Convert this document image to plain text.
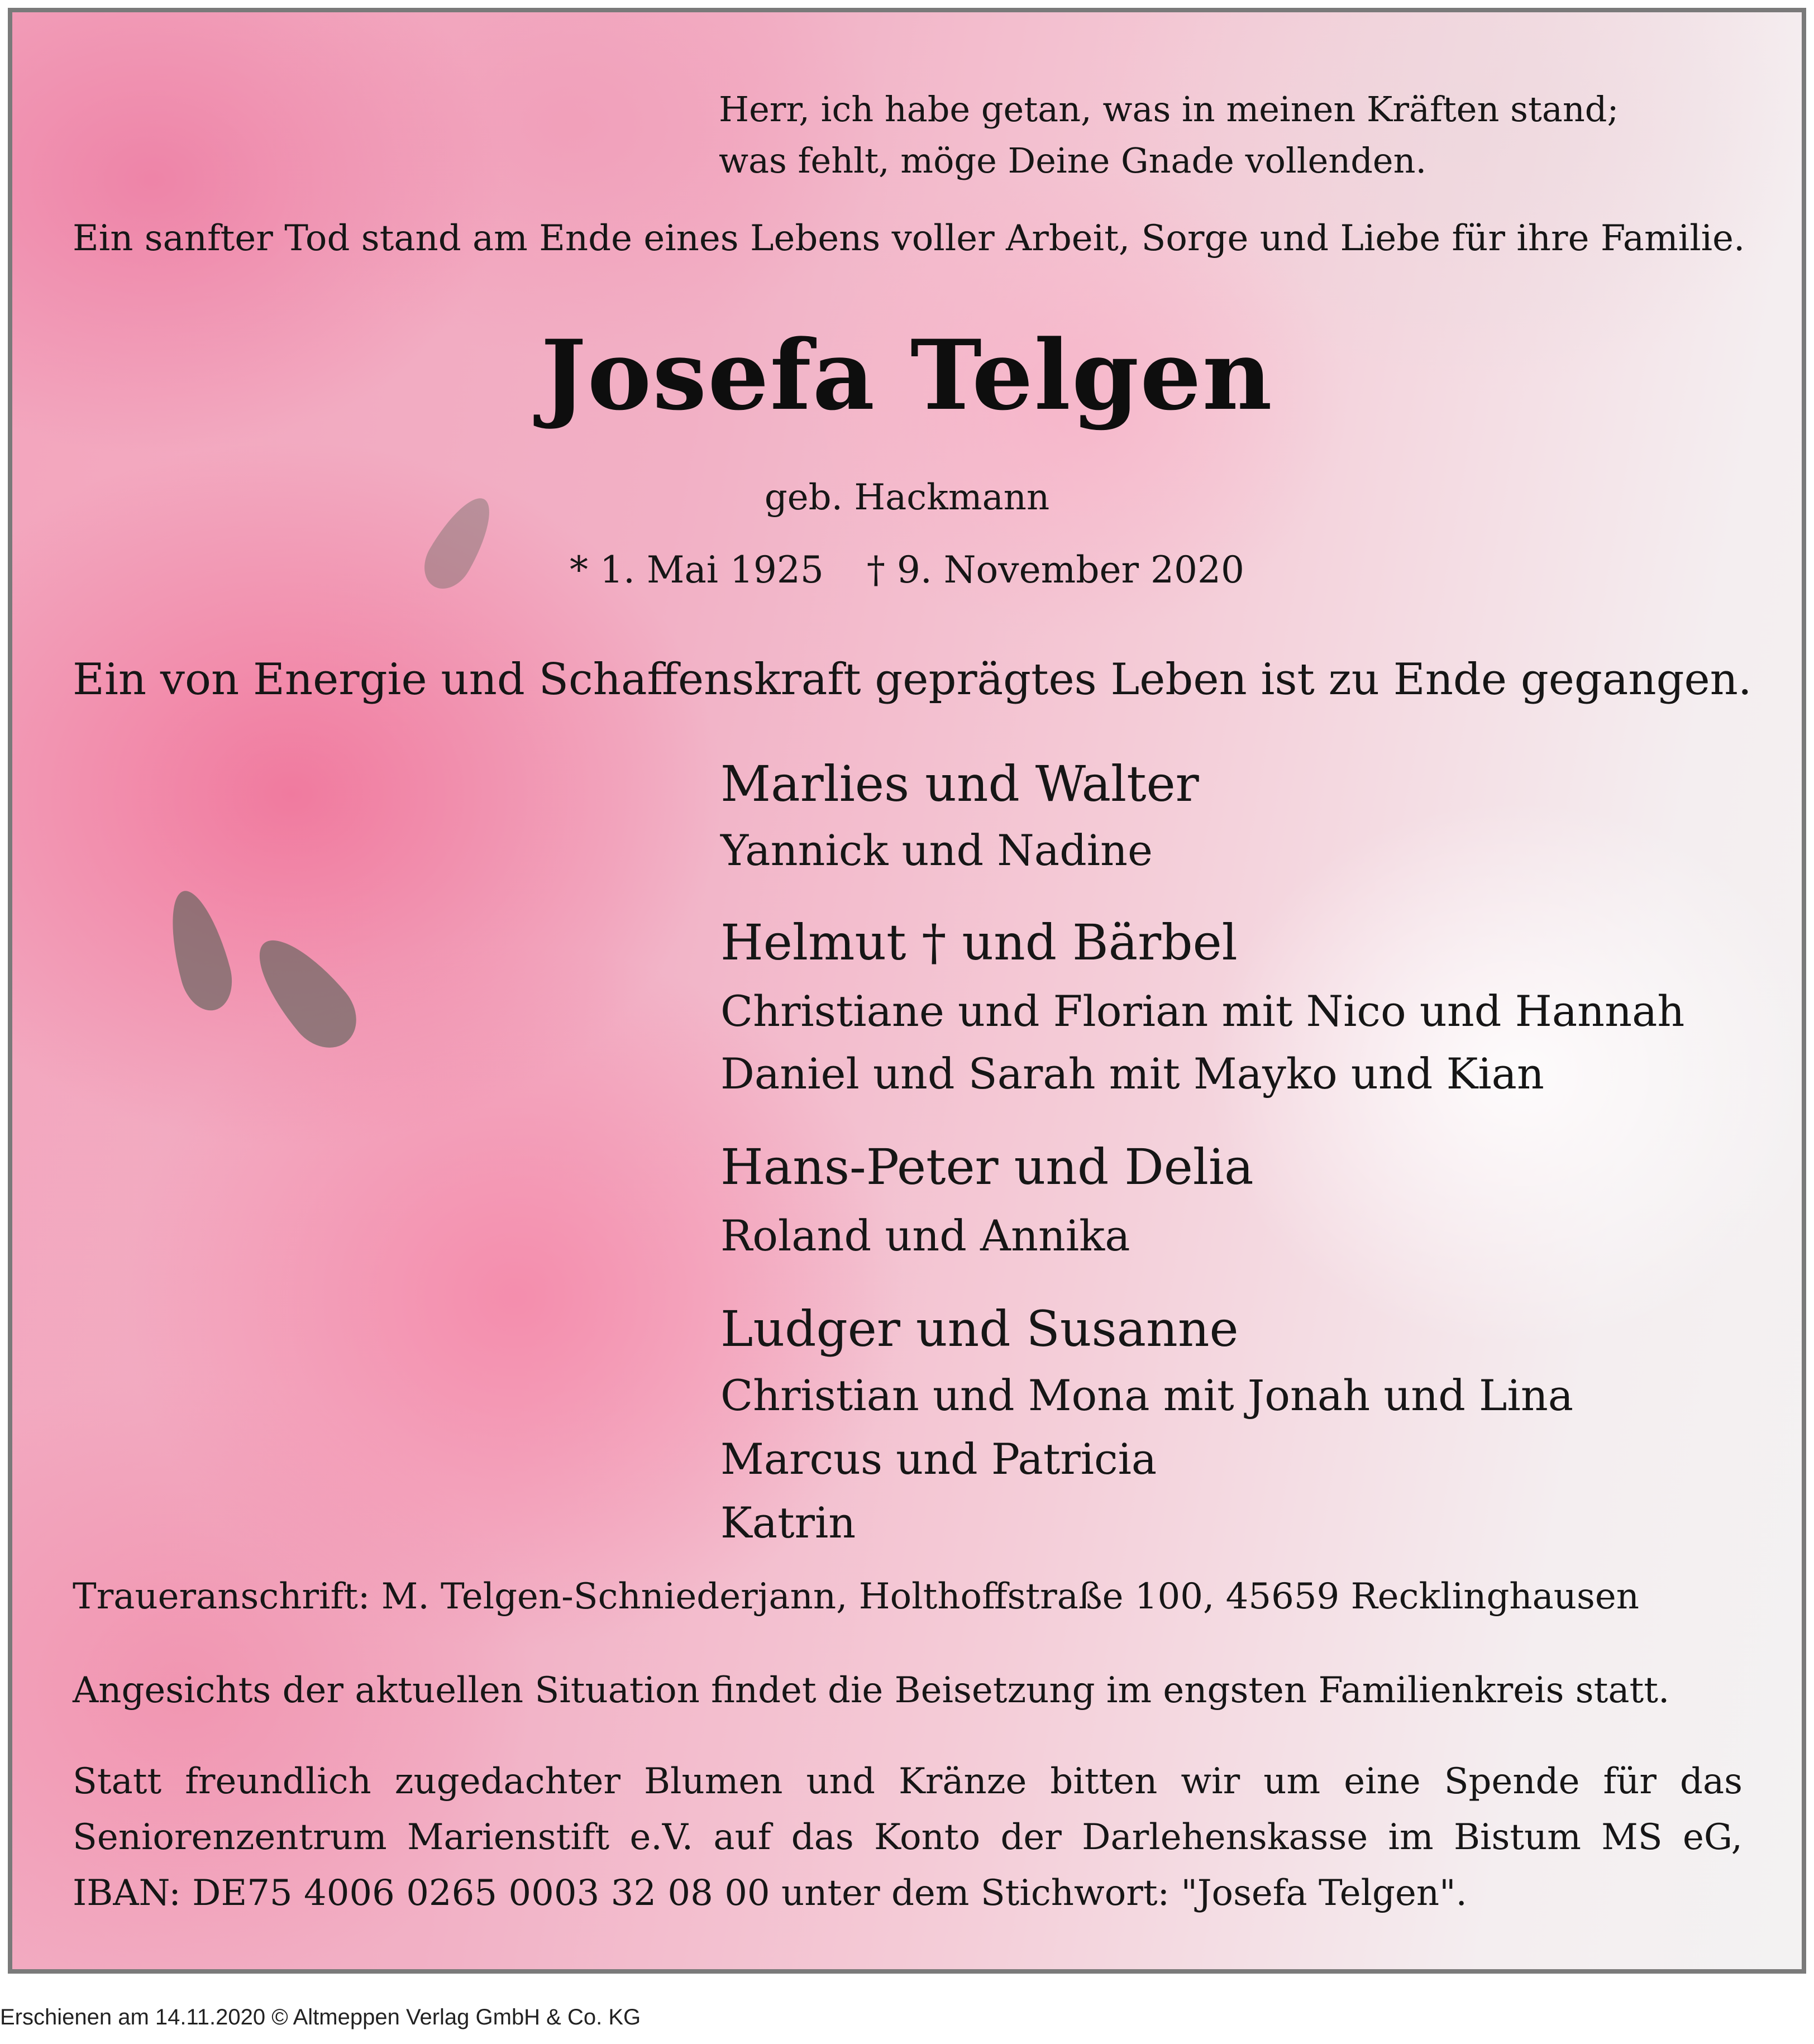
Herr, ich habe getan, was in meinen Kräften stand;

was fehlt, möge Deine Gnade vollenden.

Ein sanfter Tod stand am Ende eines Lebens voller Arbeit, Sorge und Liebe für ihre Familie.

Josefa Telgen

geb. Hackmann

* 1. Mai 1925 † 9. November 2020

Ein von Energie und Schaffenskraft geprägtes Leben ist zu Ende gegangen.

Marlies und Walter

Yannick und Nadine

Helmut † und Bärbel

Christiane und Florian mit Nico und Hannah

Daniel und Sarah mit Mayko und Kian

Hans-Peter und Delia

Roland und Annika

Ludger und Susanne

Christian und Mona mit Jonah und Lina

Marcus und Patricia

Katrin

Traueranschrift: M. Telgen-Schniederjann, Holthoffstraße 100, 45659 Recklinghausen

Angesichts der aktuellen Situation findet die Beisetzung im engsten Familienkreis statt.

Statt freundlich zugedachter Blumen und Kränze bitten wir um eine Spende für das Seniorenzentrum Marienstift e.V. auf das Konto der Darlehenskasse im Bistum MS eG, IBAN: DE75 4006 0265 0003 32 08 00 unter dem Stichwort: "Josefa Telgen".

Erschienen am 14.11.2020 © Altmeppen Verlag GmbH & Co. KG
